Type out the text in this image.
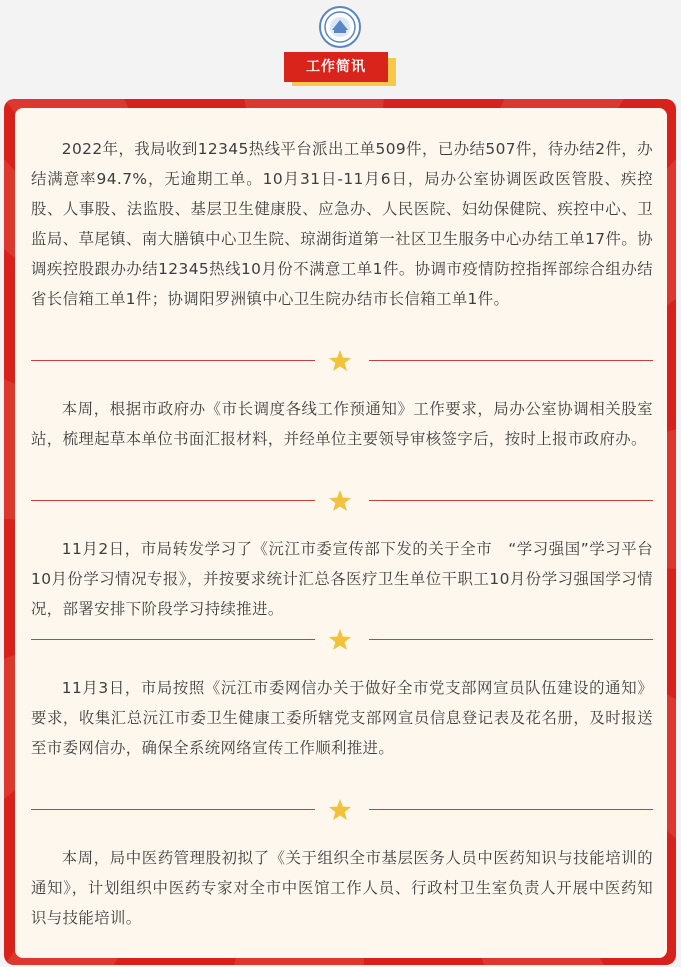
工作简讯

2022年，我局收到12345热线平台派出工单509件，已办结507件，待办结2件，办结满意率94.7%，无逾期工单。10月31日-11月6日，局办公室协调医政医管股、疾控股、人事股、法监股、基层卫生健康股、应急办、人民医院、妇幼保健院、疾控中心、卫监局、草尾镇、南大膳镇中心卫生院、琼湖街道第一社区卫生服务中心办结工单17件。协调疾控股跟办办结12345热线10月份不满意工单1件。协调市疫情防控指挥部综合组办结省长信箱工单1件；协调阳罗洲镇中心卫生院办结市长信箱工单1件。

本周，根据市政府办《市长调度各线工作预通知》工作要求，局办公室协调相关股室站，梳理起草本单位书面汇报材料，并经单位主要领导审核签字后，按时上报市政府办。

11月2日，市局转发学习了《沅江市委宣传部下发的关于全市　“学习强国”学习平台10月份学习情况专报》，并按要求统计汇总各医疗卫生单位干职工10月份学习强国学习情况，部署安排下阶段学习持续推进。

11月3日，市局按照《沅江市委网信办关于做好全市党支部网宣员队伍建设的通知》要求，收集汇总沅江市委卫生健康工委所辖党支部网宣员信息登记表及花名册，及时报送至市委网信办，确保全系统网络宣传工作顺利推进。

本周，局中医药管理股初拟了《关于组织全市基层医务人员中医药知识与技能培训的通知》，计划组织中医药专家对全市中医馆工作人员、行政村卫生室负责人开展中医药知识与技能培训。
